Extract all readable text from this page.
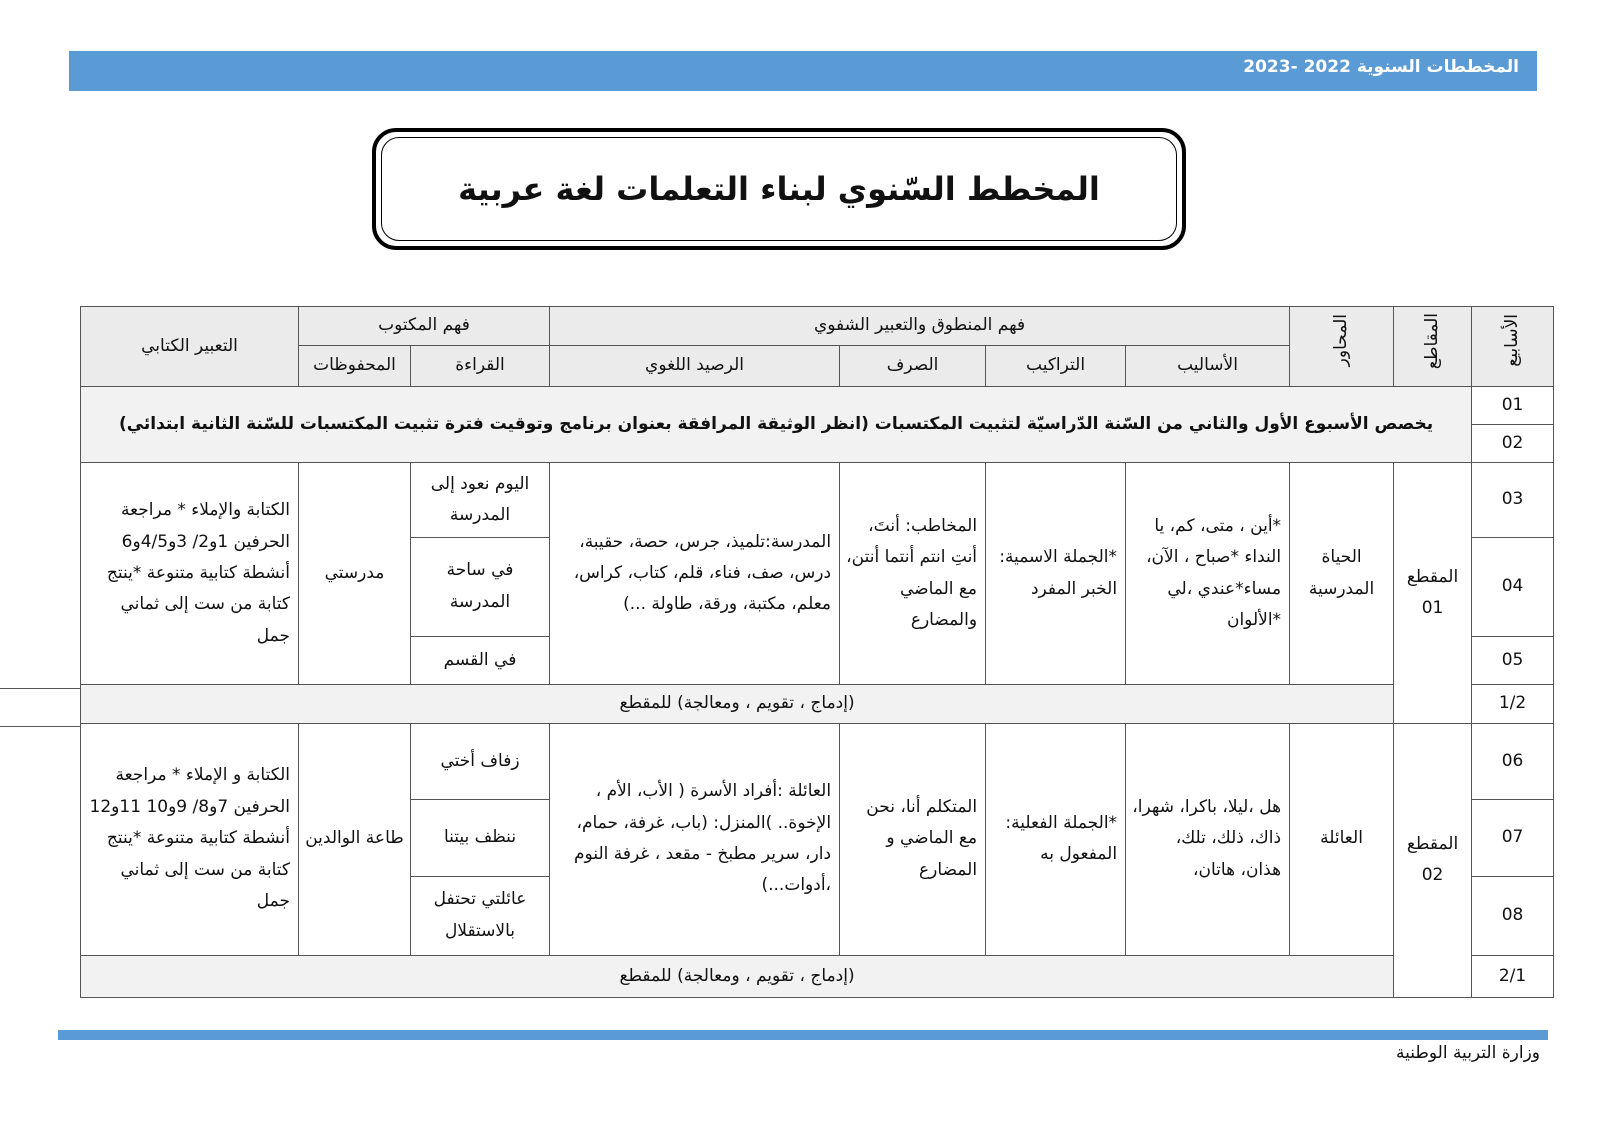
المخططات السنوية 2022 -2023
المخطط السّنوي لبناء التعلمات لغة عربية
الأسابيع	المقاطع	المحاور	فهم المنطوق والتعبير الشفوي				فهم المكتوب		التعبير الكتابي
			الأساليب	التراكيب	الصرف	الرصيد اللغوي	القراءة	المحفوظات	
01	يخصص الأسبوع الأول والثاني من السّنة الدّراسيّة لتثبيت المكتسبات (انظر الوثيقة المرافقة بعنوان برنامج وتوقيت فترة تثبيت المكتسبات للسّنة الثانية ابتدائي)								
02									
03	المقطع 01	الحياة المدرسية	*أين ، متى، كم، يا النداء *صباح ، الآن، مساء*عندي ،لي *الألوان	*الجملة الاسمية: الخبر المفرد	المخاطب: أنتَ، أنتِ انتم أنتما أنتن، مع الماضي والمضارع	المدرسة:تلميذ، جرس، حصة، حقيبة، درس، صف، فناء، قلم، كتاب، كراس، معلم، مكتبة، ورقة، طاولة ...)	اليوم نعود إلى المدرسة	مدرستي	الكتابة والإملاء * مراجعة الحرفين 1و2/ 3و4/5و6 أنشطة كتابية متنوعة *ينتج كتابة من ست إلى ثماني جمل
04							في ساحة المدرسة		
05							في القسم		
1/2		(إدماج ، تقويم ، ومعالجة) للمقطع							
06	المقطع 02	العائلة	هل ،ليلا، باكرا، شهرا، ذاك، ذلك، تلك، هذان، هاتان،	*الجملة الفعلية: المفعول به	المتكلم أنا، نحن مع الماضي و المضارع	العائلة :أفراد الأسرة ( الأب، الأم ، الإخوة.. )المنزل: (باب، غرفة، حمام، دار، سرير مطبخ - مقعد ، غرفة النوم ،أدوات...)	زفاف أختي	طاعة الوالدين	الكتابة و الإملاء * مراجعة الحرفين 7و8/ 9و10 11و12 أنشطة كتابية متنوعة *ينتج كتابة من ست إلى ثماني جمل
07							ننظف بيتنا		
08							عائلتي تحتفل بالاستقلال		
2/1		(إدماج ، تقويم ، ومعالجة) للمقطع							
وزارة التربية الوطنية
